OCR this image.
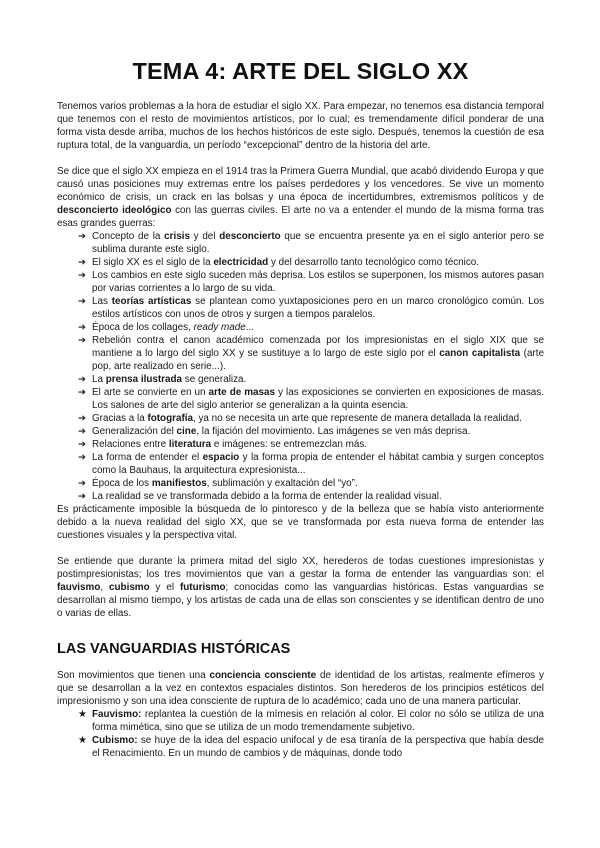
TEMA 4: ARTE DEL SIGLO XX

Tenemos varios problemas a la hora de estudiar el siglo XX. Para empezar, no tenemos esa distancia temporal que tenemos con el resto de movimientos artísticos, por lo cual; es tremendamente difícil ponderar de una forma vista desde arriba, muchos de los hechos históricos de este siglo. Después, tenemos la cuestión de esa ruptura total, de la vanguardia, un período “excepcional” dentro de la historia del arte.

Se dice que el siglo XX empieza en el 1914 tras la Primera Guerra Mundial, que acabó dividendo Europa y que causó unas posiciones muy extremas entre los países perdedores y los vencedores. Se vive un momento económico de crisis, un crack en las bolsas y una época de incertidumbres, extremismos políticos y de desconcierto ideológico con las guerras civiles. El arte no va a entender el mundo de la misma forma tras esas grandes guerras:

➔ Concepto de la crisis y del desconcierto que se encuentra presente ya en el siglo anterior pero se sublima durante este siglo.
➔ El siglo XX es el siglo de la electricidad y del desarrollo tanto tecnológico como técnico.
➔ Los cambios en este siglo suceden más deprisa. Los estilos se superponen, los mismos autores pasan por varias corrientes a lo largo de su vida.
➔ Las teorías artísticas se plantean como yuxtaposiciones pero en un marco cronológico común. Los estilos artísticos con unos de otros y surgen a tiempos paralelos.
➔ Época de los collages, ready made...
➔ Rebelión contra el canon académico comenzada por los impresionistas en el siglo XIX que se mantiene a lo largo del siglo XX y se sustituye a lo largo de este siglo por el canon capitalista (arte pop, arte realizado en serie...).
➔ La prensa ilustrada se generaliza.
➔ El arte se convierte en un arte de masas y las exposiciones se convierten en exposiciones de masas. Los salones de arte del siglo anterior se generalizan a la quinta esencia.
➔ Gracias a la fotografía, ya no se necesita un arte que represente de manera detallada la realidad.
➔ Generalización del cine, la fijación del movimiento. Las imágenes se ven más deprisa.
➔ Relaciones entre literatura e imágenes: se entremezclan más.
➔ La forma de entender el espacio y la forma propia de entender el hábitat cambia y surgen conceptos como la Bauhaus, la arquitectura expresionista...
➔ Época de los manifiestos, sublimación y exaltación del “yo”.
➔ La realidad se ve transformada debido a la forma de entender la realidad visual.

Es prácticamente imposible la búsqueda de lo pintoresco y de la belleza que se había visto anteriormente debido a la nueva realidad del siglo XX, que se ve transformada por esta nueva forma de entender las cuestiones visuales y la perspectiva vital.

Se entiende que durante la primera mitad del siglo XX, herederos de todas cuestiones impresionistas y postimpresionistas; los tres movimientos que van a gestar la forma de entender las vanguardias son: el fauvismo, cubismo y el futurismo; conocidas como las vanguardias históricas. Estas vanguardias se desarrollan al mismo tiempo, y los artistas de cada una de ellas son conscientes y se identifican dentro de uno o varias de ellas.

LAS VANGUARDIAS HISTÓRICAS

Son movimientos que tienen una conciencia consciente de identidad de los artistas, realmente efímeros y que se desarrollan a la vez en contextos espaciales distintos. Son herederos de los principios estéticos del impresionismo y son una idea consciente de ruptura de lo académico; cada uno de una manera particular.

★ Fauvismo: replantea la cuestión de la mímesis en relación al color. El color no sólo se utiliza de una forma mimética, sino que se utiliza de un modo tremendamente subjetivo.
★ Cubismo: se huye de la idea del espacio unifocal y de esa tiranía de la perspectiva que había desde el Renacimiento. En un mundo de cambios y de máquinas, donde todo
